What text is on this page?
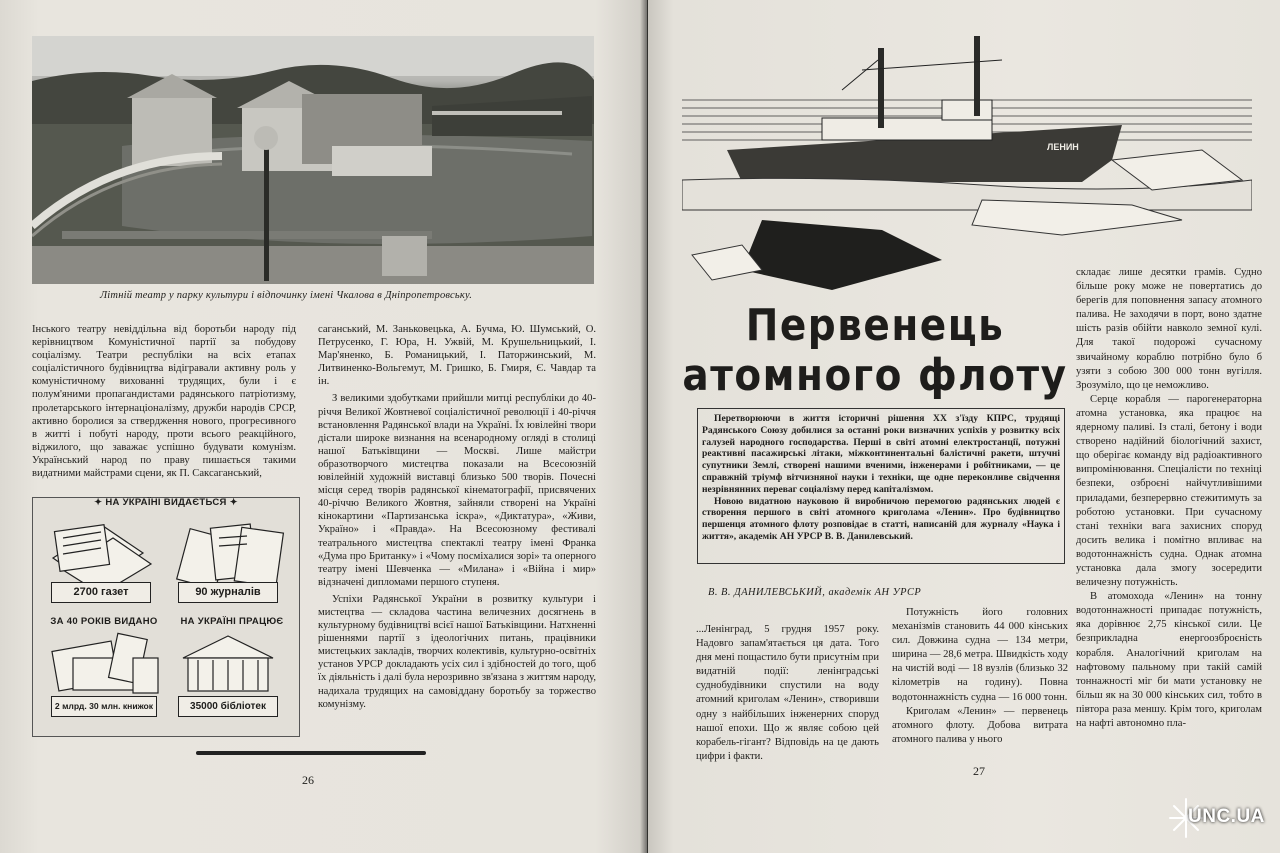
Літній театр у парку культури і відпочинку імені Чкалова в Дніпропетровську.

Інського театру невіддільна від боротьби народу під керівництвом Комуністичної партії за побудову соціалізму. Театри республіки на всіх етапах соціалістичного будівництва відігравали активну роль у комуністичному вихованні трудящих, були і є полум'яними пропагандистами радянського патріотизму, пролетарського інтернаціоналізму, дружби народів СРСР, активно боролися за ствердження нового, прогресивного в житті і побуті народу, проти всього реакційного, віджилого, що заважає успішно будувати комунізм. Український народ по праву пишається такими видатними майстрами сцени, як П. Саксаганський,

саганський, М. Заньковецька, А. Бучма, Ю. Шумський, О. Петрусенко, Г. Юра, Н. Ужвій, М. Крушельницький, І. Мар'яненко, Б. Романицький, І. Паторжинський, М. Литвиненко-Вольгемут, М. Гришко, Б. Гмиря, Є. Чавдар та ін.

З великими здобутками прийшли митці республіки до 40-річчя Великої Жовтневої соціалістичної революції і 40-річчя встановлення Радянської влади на Україні. Їх ювілейні твори дістали широке визнання на всенародному огляді в столиці нашої Батьківщини — Москві. Лише майстри образотворчого мистецтва показали на Всесоюзній ювілейній художній виставці близько 500 творів. Почесні місця серед творів радянської кінематографії, присвячених 40-річчю Великого Жовтня, зайняли створені на Україні кінокартини «Партизанська іскра», «Диктатура», «Живи, Україно» і «Правда». На Всесоюзному фестивалі театрального мистецтва спектаклі театру імені Франка «Дума про Британку» і «Чому посміхалися зорі» та оперного театру імені Шевченка — «Милана» і «Війна і мир» відзначені дипломами першого ступеня.

Успіхи Радянської України в розвитку культури і мистецтва — складова частина величезних досягнень в культурному будівництві всієї нашої Батьківщини. Натхненні рішеннями партії з ідеологічних питань, працівники мистецьких закладів, творчих колективів, культурно-освітніх установ УРСР докладають усіх сил і здібностей до того, щоб їх діяльність і далі була нерозривно зв'язана з життям народу, надихала трудящих на самовіддану боротьбу за торжество комунізму.

✦ НА УКРАЇНІ ВИДАЄТЬСЯ ✦
2700 газет	90 журналів
ЗА 40 РОКІВ ВИДАНО	НА УКРАЇНІ ПРАЦЮЄ
2 млрд. 30 млн. книжок	35000 бібліотек
26
ЛЕНИН
Первенець
атомного флоту

Перетворюючи в життя історичні рішення XX з'їзду КПРС, трудящі Радянського Союзу добилися за останні роки визначних успіхів у розвитку всіх галузей народного господарства. Перші в світі атомні електростанції, потужні реактивні пасажирські літаки, міжконтинентальні балістичні ракети, штучні супутники Землі, створені нашими вченими, інженерами і робітниками, — це справжній тріумф вітчизняної науки і техніки, ще одне переконливе свідчення незрівнянних переваг соціалізму перед капіталізмом.

Новою видатною науковою й виробничою перемогою радянських людей є створення першого в світі атомного криголама «Ленин». Про будівництво першенця атомного флоту розповідає в статті, написаній для журналу «Наука і життя», академік АН УРСР В. В. Данилевський.

В. В. ДАНИЛЕВСЬКИЙ, академік АН УРСР

...Ленінград, 5 грудня 1957 року. Надовго запам'ятається ця дата. Того дня мені пощастило бути присутнім при видатній події: ленінградські суднобудівники спустили на воду атомний криголам «Ленин», створивши одну з найбільших інженерних споруд нашої епохи. Що ж являє собою цей корабель-гігант? Відповідь на це дають цифри і факти.

Потужність його головних механізмів становить 44 000 кінських сил. Довжина судна — 134 метри, ширина — 28,6 метра. Швидкість ходу на чистій воді — 18 вузлів (близько 32 кілометрів на годину). Повна водотоннажність судна — 16 000 тонн.

Криголам «Ленин» — первенець атомного флоту. Добова витрата атомного палива у нього

складає лише десятки грамів. Судно більше року може не повертатись до берегів для поповнення запасу атомного палива. Не заходячи в порт, воно здатне шість разів обійти навколо земної кулі. Для такої подорожі сучасному звичайному кораблю потрібно було б узяти з собою 300 000 тонн вугілля. Зрозуміло, що це неможливо.

Серце корабля — парогенераторна атомна установка, яка працює на ядерному паливі. Із сталі, бетону і води створено надійний біологічний захист, що оберігає команду від радіоактивного випромінювання. Спеціалісти по техніці безпеки, озброєні найчутливішими приладами, безперервно стежитимуть за роботою установки. При сучасному стані техніки вага захисних споруд досить велика і помітно впливає на водотоннажність судна. Однак атомна установка дала змогу зосередити величезну потужність.

В атомохода «Ленин» на тонну водотоннажності припадає потужність, яка дорівнює 2,75 кінської сили. Це безприкладна енергоозброєність корабля. Аналогічний криголам на нафтовому пальному при такій самій тоннажності міг би мати установку не більш як на 30 000 кінських сил, тобто в півтора раза меншу. Крім того, криголам на нафті автономно пла-

27
UNC.UA
